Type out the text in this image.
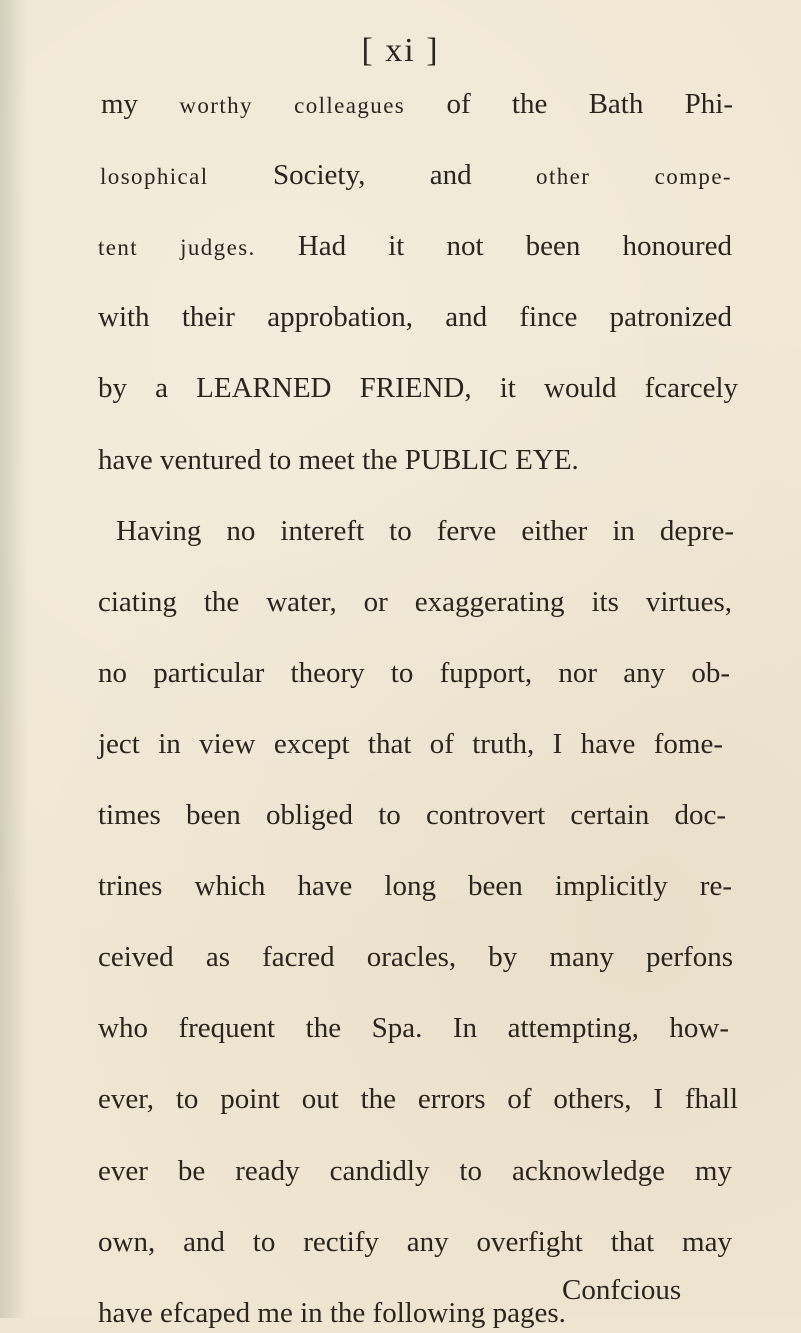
[ xi ]
my worthy colleagues of the Bath Phi-
losophical Society, and other compe-
tent judges. Had it not been honoured
with their approbation, and fince patronized
by a LEARNED FRIEND, it would fcarcely
have ventured to meet the PUBLIC EYE.
Having no intereft to ferve either in depre-
ciating the water, or exaggerating its virtues,
no particular theory to fupport, nor any ob-
ject in view except that of truth, I have fome-
times been obliged to controvert certain doc-
trines which have long been implicitly re-
ceived as facred oracles, by many perfons
who frequent the Spa. In attempting, how-
ever, to point out the errors of others, I fhall
ever be ready candidly to acknowledge my
own, and to rectify any overfight that may
have efcaped me in the following pages.
Confcious
